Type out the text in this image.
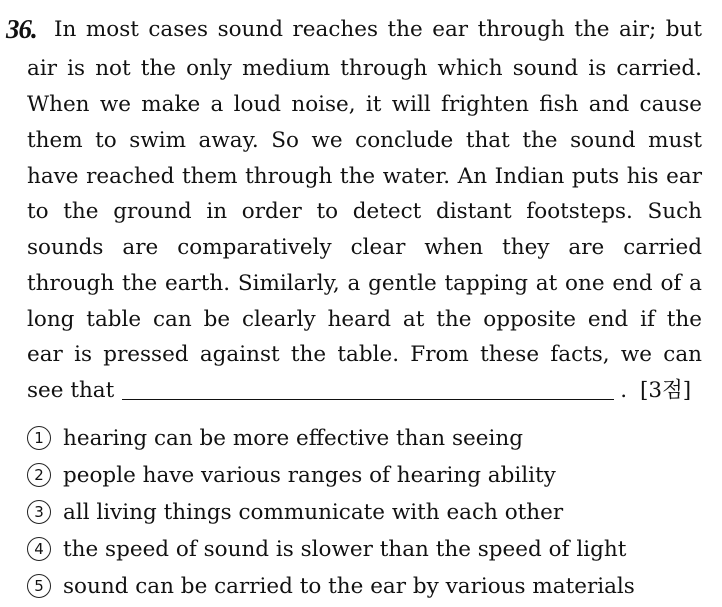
36. In most cases sound reaches the ear through the air; but
air is not the only medium through which sound is carried.
When we make a loud noise, it will frighten fish and cause
them to swim away. So we conclude that the sound must
have reached them through the water. An Indian puts his ear
to the ground in order to detect distant footsteps. Such
sounds are comparatively clear when they are carried
through the earth. Similarly, a gentle tapping at one end of a
long table can be clearly heard at the opposite end if the
ear is pressed against the table. From these facts, we can
see that	. [3점]
1 hearing can be more effective than seeing
2 people have various ranges of hearing ability
3 all living things communicate with each other
4 the speed of sound is slower than the speed of light
5 sound can be carried to the ear by various materials
